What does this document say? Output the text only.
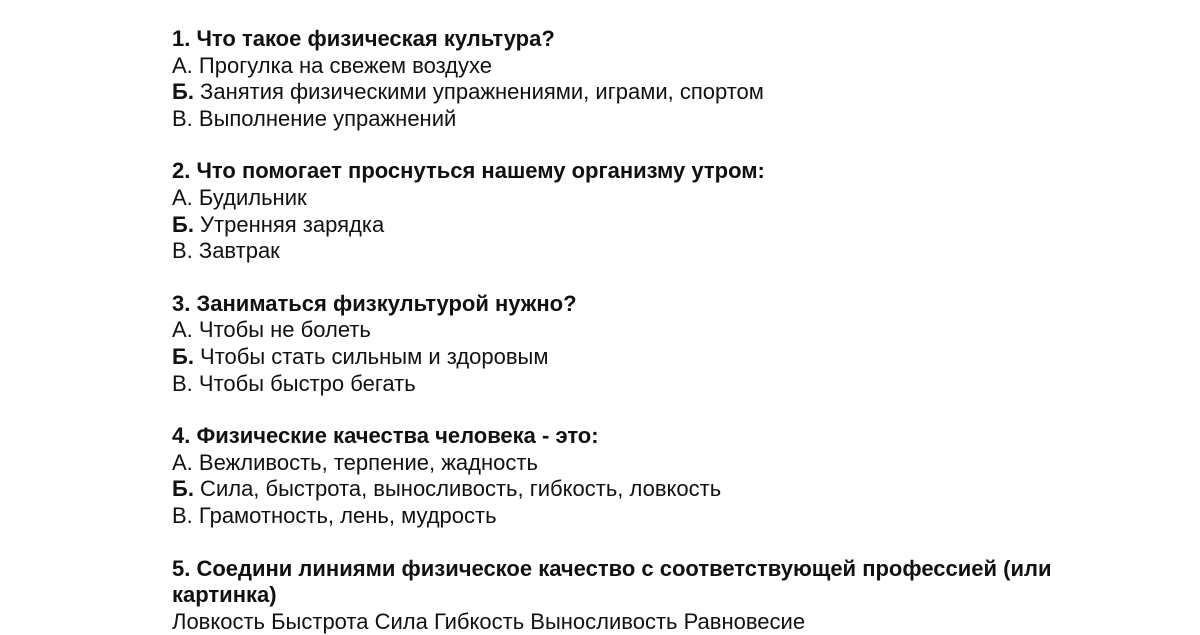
1. Что такое физическая культура?
А. Прогулка на свежем воздухе
Б. Занятия физическими упражнениями, играми, спортом
В. Выполнение упражнений
2. Что помогает проснуться нашему организму утром:
А. Будильник
Б. Утренняя зарядка
В. Завтрак
3. Заниматься физкультурой нужно?
А. Чтобы не болеть
Б. Чтобы стать сильным и здоровым
В. Чтобы быстро бегать
4. Физические качества человека - это:
А. Вежливость, терпение, жадность
Б. Сила, быстрота, выносливость, гибкость, ловкость
В. Грамотность, лень, мудрость
5. Соедини линиями физическое качество с соответствующей профессией (или картинка)
Ловкость Быстрота Сила Гибкость Выносливость Равновесие
